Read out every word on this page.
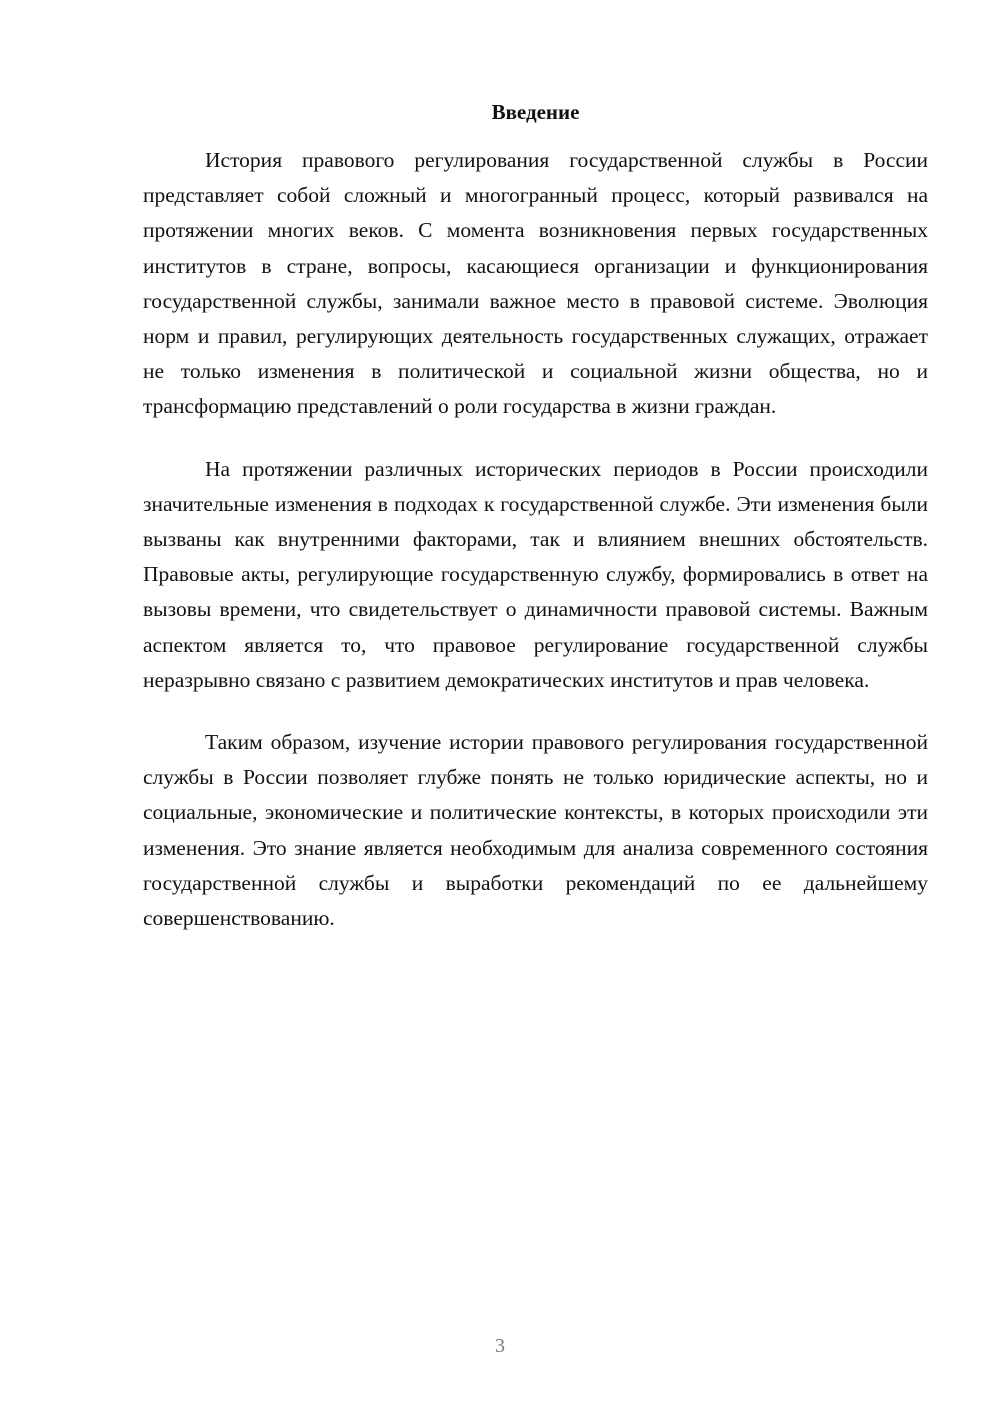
Введение

История правового регулирования государственной службы в России представляет собой сложный и многогранный процесс, который развивался на протяжении многих веков. С момента возникновения первых государственных институтов в стране, вопросы, касающиеся организации и функционирования государственной службы, занимали важное место в правовой системе. Эволюция норм и правил, регулирующих деятельность государственных служащих, отражает не только изменения в политической и социальной жизни общества, но и трансформацию представлений о роли государства в жизни граждан.

На протяжении различных исторических периодов в России происходили значительные изменения в подходах к государственной службе. Эти изменения были вызваны как внутренними факторами, так и влиянием внешних обстоятельств. Правовые акты, регулирующие государственную службу, формировались в ответ на вызовы времени, что свидетельствует о динамичности правовой системы. Важным аспектом является то, что правовое регулирование государственной службы неразрывно связано с развитием демократических институтов и прав человека.

Таким образом, изучение истории правового регулирования государственной службы в России позволяет глубже понять не только юридические аспекты, но и социальные, экономические и политические контексты, в которых происходили эти изменения. Это знание является необходимым для анализа современного состояния государственной службы и выработки рекомендаций по ее дальнейшему совершенствованию.

3
